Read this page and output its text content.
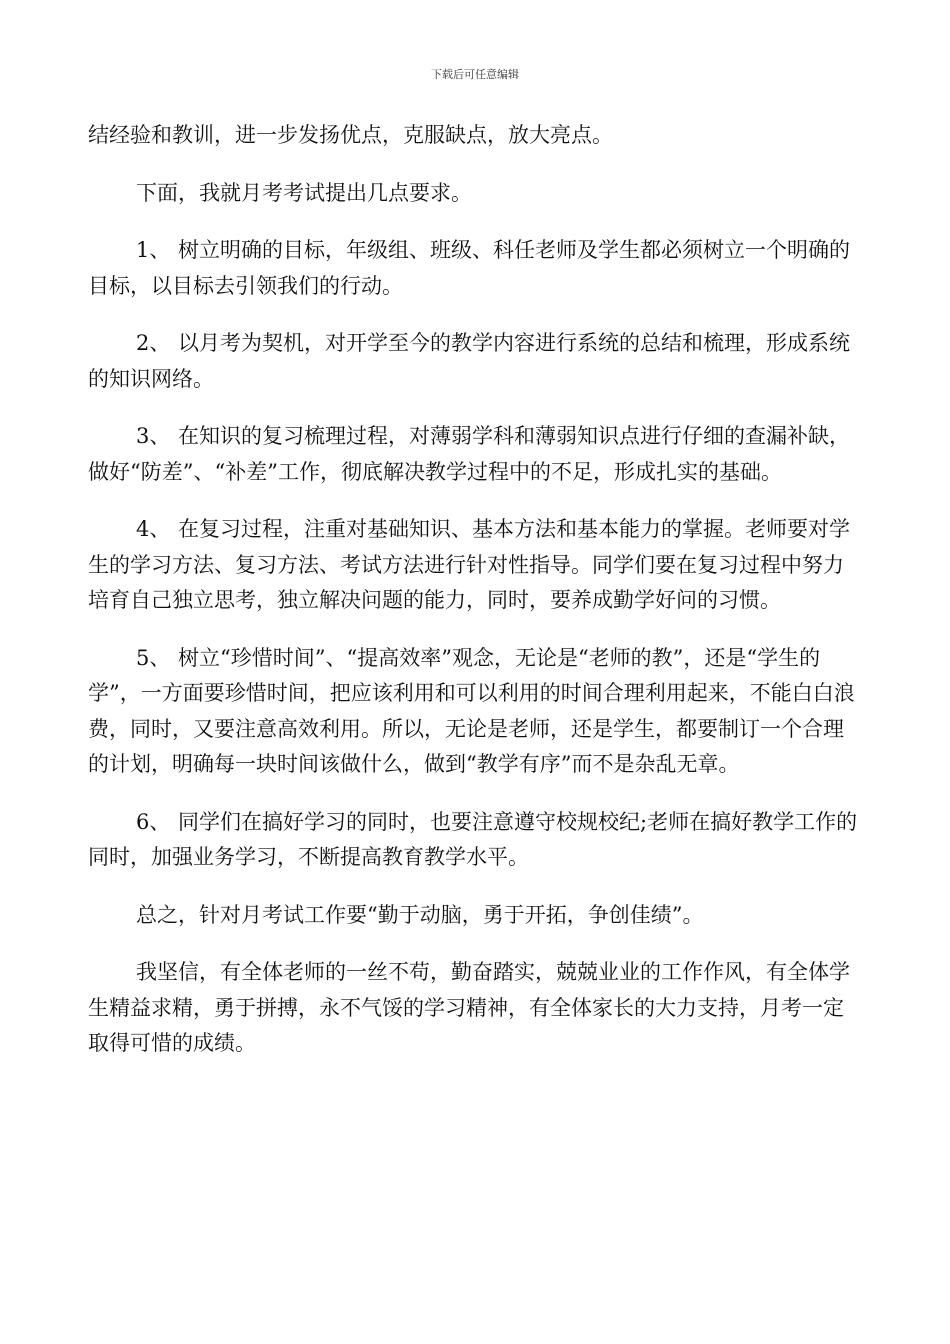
下载后可任意编辑

结经验和教训，进一步发扬优点，克服缺点，放大亮点。

下面，我就月考考试提出几点要求。

1、 树立明确的目标，年级组、班级、科任老师及学生都必须树立一个明确的目标，以目标去引领我们的行动。

2、 以月考为契机，对开学至今的教学内容进行系统的总结和梳理，形成系统的知识网络。

3、 在知识的复习梳理过程，对薄弱学科和薄弱知识点进行仔细的查漏补缺，做好“防差”、“补差”工作，彻底解决教学过程中的不足，形成扎实的基础。

4、 在复习过程，注重对基础知识、基本方法和基本能力的掌握。老师要对学生的学习方法、复习方法、考试方法进行针对性指导。同学们要在复习过程中努力培育自己独立思考，独立解决问题的能力，同时，要养成勤学好问的习惯。

5、 树立“珍惜时间”、“提高效率”观念，无论是“老师的教”，还是“学生的学”，一方面要珍惜时间，把应该利用和可以利用的时间合理利用起来，不能白白浪费，同时，又要注意高效利用。所以，无论是老师，还是学生，都要制订一个合理的计划，明确每一块时间该做什么，做到“教学有序”而不是杂乱无章。

6、 同学们在搞好学习的同时，也要注意遵守校规校纪;老师在搞好教学工作的同时，加强业务学习，不断提高教育教学水平。

总之，针对月考试工作要“勤于动脑，勇于开拓，争创佳绩”。

我坚信，有全体老师的一丝不苟，勤奋踏实，兢兢业业的工作作风，有全体学生精益求精，勇于拼搏，永不气馁的学习精神，有全体家长的大力支持，月考一定取得可惜的成绩。
